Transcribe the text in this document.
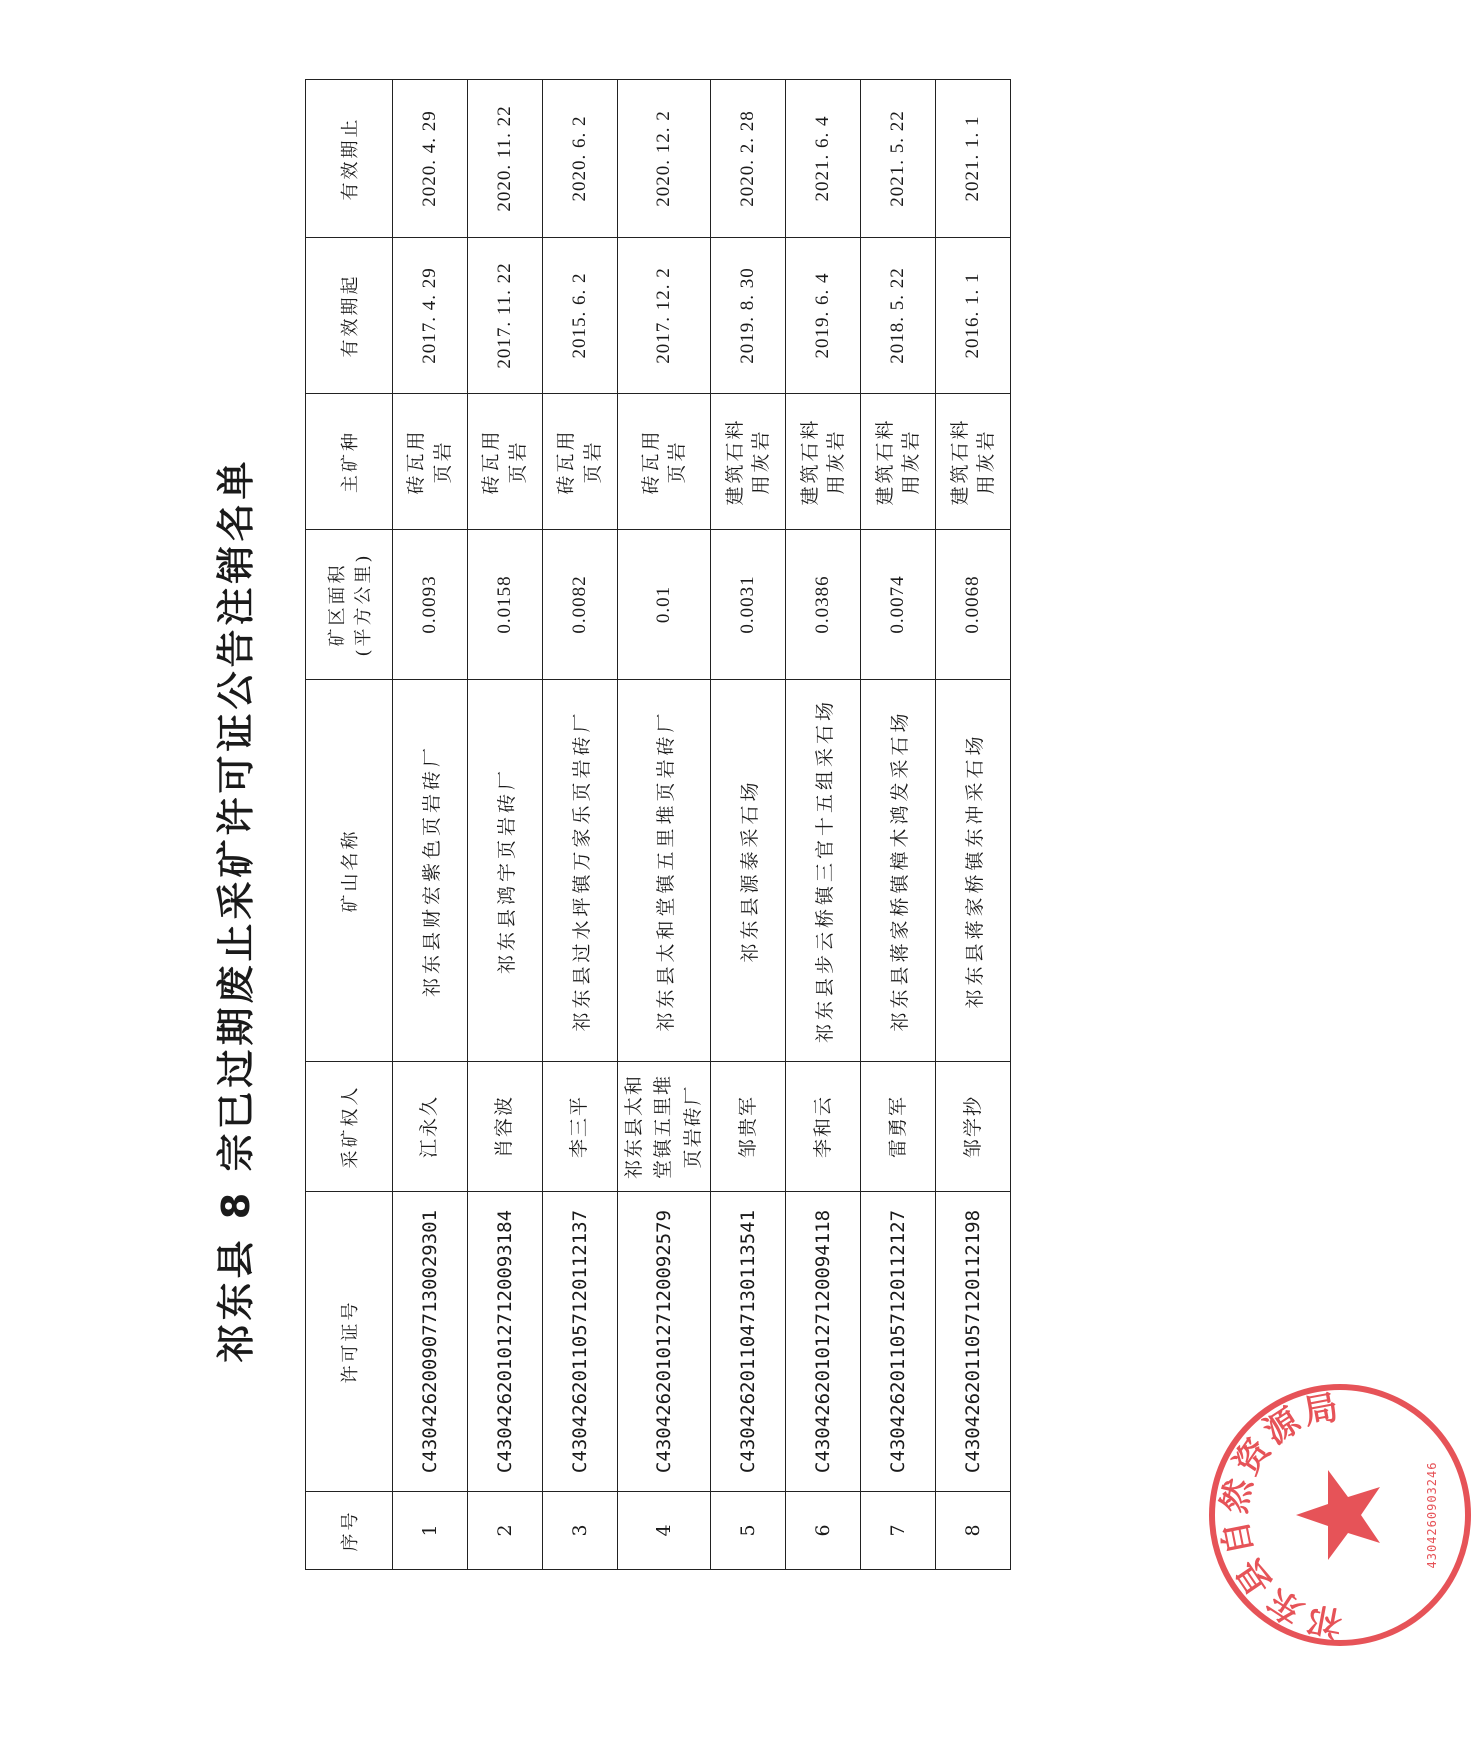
祁东县 8 宗已过期废止采矿许可证公告注销名单
序号	许可证号	采矿权人	矿山名称	矿区面积 (平方公里)	主矿种	有效期起	有效期止
1	C4304262009077130029301	江永久	祁东县财宏紫色页岩砖厂	0.0093	砖瓦用 页岩	2017. 4. 29	2020. 4. 29
2	C4304262010127120093184	肖容波	祁东县鸿宇页岩砖厂	0.0158	砖瓦用 页岩	2017. 11. 22	2020. 11. 22
3	C4304262011057120112137	李三平	祁东县过水坪镇万家乐页岩砖厂	0.0082	砖瓦用 页岩	2015. 6. 2	2020. 6. 2
4	C4304262010127120092579	祁东县太和堂镇五里堆页岩砖厂	祁东县太和堂镇五里堆页岩砖厂	0.01	砖瓦用 页岩	2017. 12. 2	2020. 12. 2
5	C4304262011047130113541	邹贵军	祁东县源泰采石场	0.0031	建筑石料 用灰岩	2019. 8. 30	2020. 2. 28
6	C4304262010127120094118	李和云	祁东县步云桥镇三官十五组采石场	0.0386	建筑石料 用灰岩	2019. 6. 4	2021. 6. 4
7	C4304262011057120112127	雷勇军	祁东县蒋家桥镇樟木鸿发采石场	0.0074	建筑石料 用灰岩	2018. 5. 22	2021. 5. 22
8	C4304262011057120112198	邹学抄	祁东县蒋家桥镇东冲采石场	0.0068	建筑石料 用灰岩	2016. 1. 1	2021. 1. 1
祁东县自然资源局
4304260903246
